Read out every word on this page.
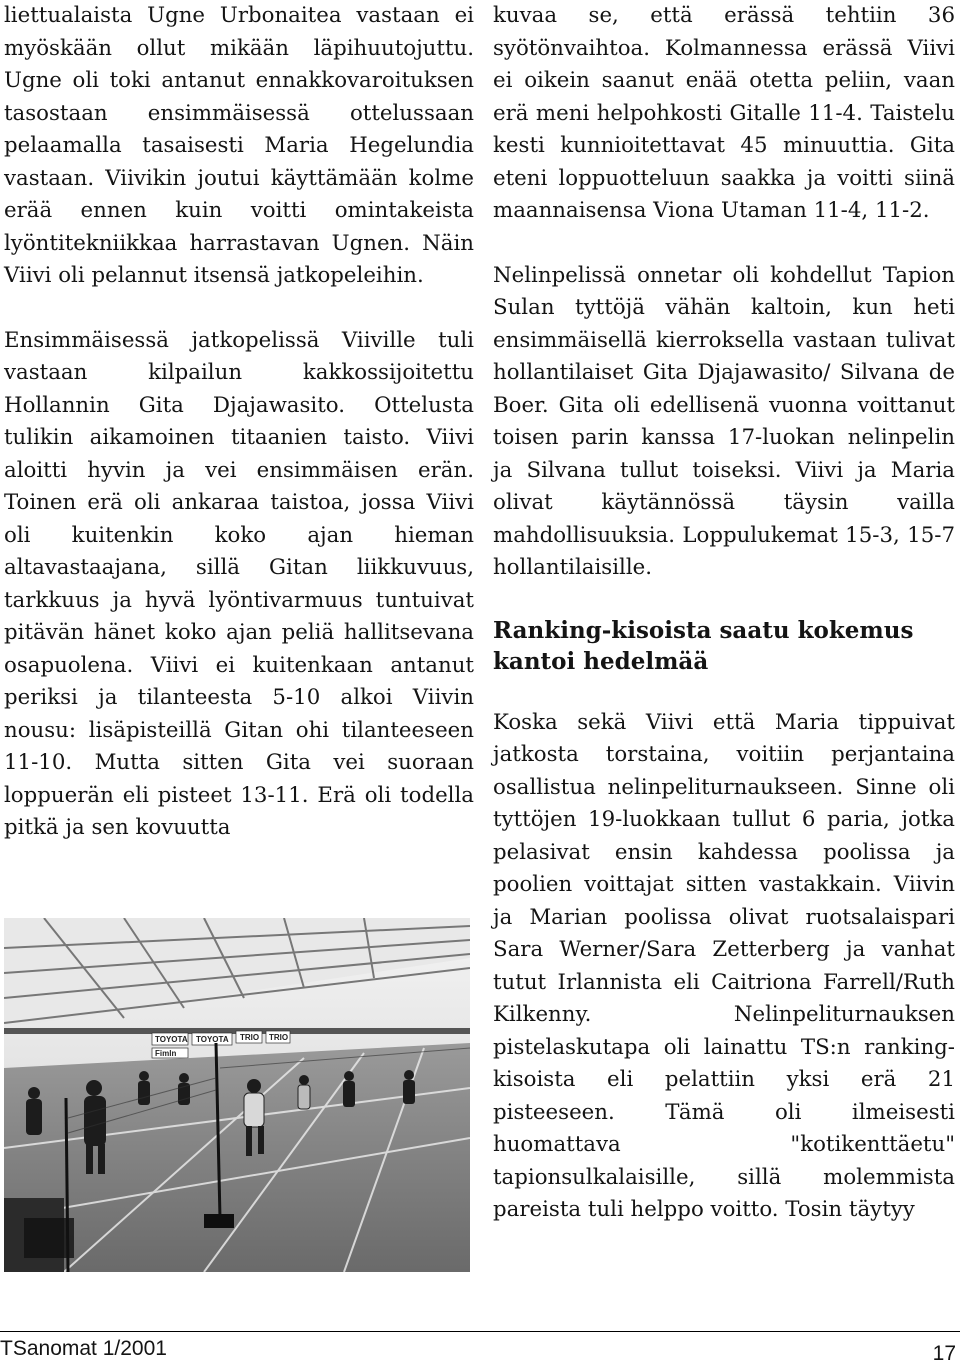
liettualaista Ugne Urbonaitea vastaan ei myöskään ollut mikään läpihuutojuttu. Ugne oli toki antanut ennakkovaroituksen tasostaan ensimmäisessä ottelussaan pelaamalla tasaisesti Maria Hegelundia vastaan. Viivikin joutui käyttämään kolme erää ennen kuin voitti omintakeista lyöntitekniikkaa harrastavan Ugnen. Näin Viivi oli pelannut itsensä jatkopeleihin.

Ensimmäisessä jatkopelissä Viiville tuli vastaan kilpailun kakkossijoitettu Hollannin Gita Djajawasito. Ottelusta tulikin aikamoinen titaanien taisto. Viivi aloitti hyvin ja vei ensimmäisen erän. Toinen erä oli ankaraa taistoa, jossa Viivi oli kuitenkin koko ajan hieman altavastaajana, sillä Gitan liikkuvuus, tarkkuus ja hyvä lyöntivarmuus tuntuivat pitävän hänet koko ajan peliä hallitsevana osapuolena. Viivi ei kuitenkaan antanut periksi ja tilanteesta 5-10 alkoi Viivin nousu: lisäpisteillä Gitan ohi tilanteeseen 11-10. Mutta sitten Gita vei suoraan loppuerän eli pisteet 13-11. Erä oli todella pitkä ja sen kovuutta

TOYOTA TOYOTA TRIO TRIO
Fimln

kuvaa se, että erässä tehtiin 36 syötönvaihtoa. Kolmannessa erässä Viivi ei oikein saanut enää otetta peliin, vaan erä meni helpohkosti Gitalle 11-4. Taistelu kesti kunnioitettavat 45 minuuttia. Gita eteni loppuotteluun saakka ja voitti siinä maannaisensa Viona Utaman 11-4, 11-2.

Nelinpelissä onnetar oli kohdellut Tapion Sulan tyttöjä vähän kaltoin, kun heti ensimmäisellä kierroksella vastaan tulivat hollantilaiset Gita Djajawasito/ Silvana de Boer. Gita oli edellisenä vuonna voittanut toisen parin kanssa 17-luokan nelinpelin ja Silvana tullut toiseksi. Viivi ja Maria olivat käytännössä täysin vailla mahdollisuuksia. Loppulukemat 15-3, 15-7 hollantilaisille.

Ranking-kisoista saatu kokemus kantoi hedelmää

Koska sekä Viivi että Maria tippuivat jatkosta torstaina, voitiin perjantaina osallistua nelinpeliturnaukseen. Sinne oli tyttöjen 19-luokkaan tullut 6 paria, jotka pelasivat ensin kahdessa poolissa ja poolien voittajat sitten vastakkain. Viivin ja Marian poolissa olivat ruotsalaispari Sara Werner/Sara Zetterberg ja vanhat tutut Irlannista eli Caitriona Farrell/Ruth Kilkenny. Nelinpeliturnauksen pistelaskutapa oli lainattu TS:n ranking-kisoista eli pelattiin yksi erä 21 pisteeseen. Tämä oli ilmeisesti huomattava "kotikenttäetu" tapionsulkalaisille, sillä molemmista pareista tuli helppo voitto. Tosin täytyy

TSanomat 1/2001	17
